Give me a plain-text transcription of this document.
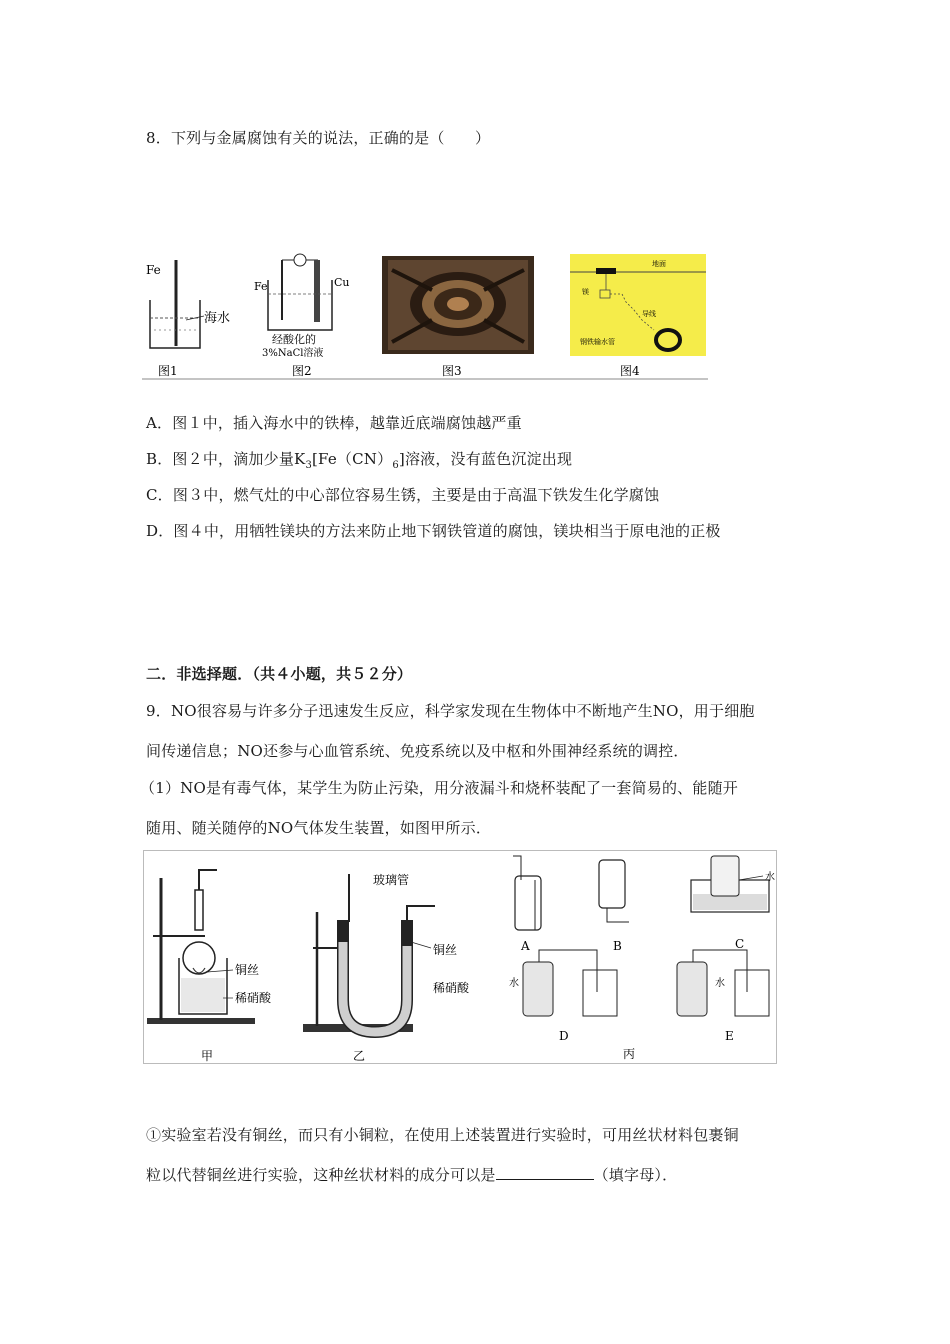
8．下列与金属腐蚀有关的说法，正确的是（　　）
Fe
海水
Fe	Cu
经酸化的
3%NaCl溶液
镁
地面
导线
钢铁输水管
图1	图2	图3	图4
A．图１中，插入海水中的铁棒，越靠近底端腐蚀越严重
B．图２中，滴加少量$K_3[Fe(CN)_6]$溶液，没有蓝色沉淀出现
C．图３中，燃气灶的中心部位容易生锈，主要是由于高温下铁发生化学腐蚀
D．图４中，用牺牲镁块的方法来防止地下钢铁管道的腐蚀，镁块相当于原电池的正极
二．非选择题．（共４小题，共５２分）
9．NO很容易与许多分子迅速发生反应，科学家发现在生物体中不断地产生NO，用于细胞
间传递信息；NO还参与心血管系统、免疫系统以及中枢和外围神经系统的调控．
（1）NO是有毒气体，某学生为防止污染，用分液漏斗和烧杯装配了一套简易的、能随开
随用、随关随停的NO气体发生装置，如图甲所示．
铜丝
稀硝酸
玻璃管
铜丝
稀硝酸
水
水	水
A	B	C
D	E
甲	乙	丙
①实验室若没有铜丝，而只有小铜粒，在使用上述装置进行实验时，可用丝状材料包裹铜
粒以代替铜丝进行实验，这种丝状材料的成分可以是	（填字母）．
